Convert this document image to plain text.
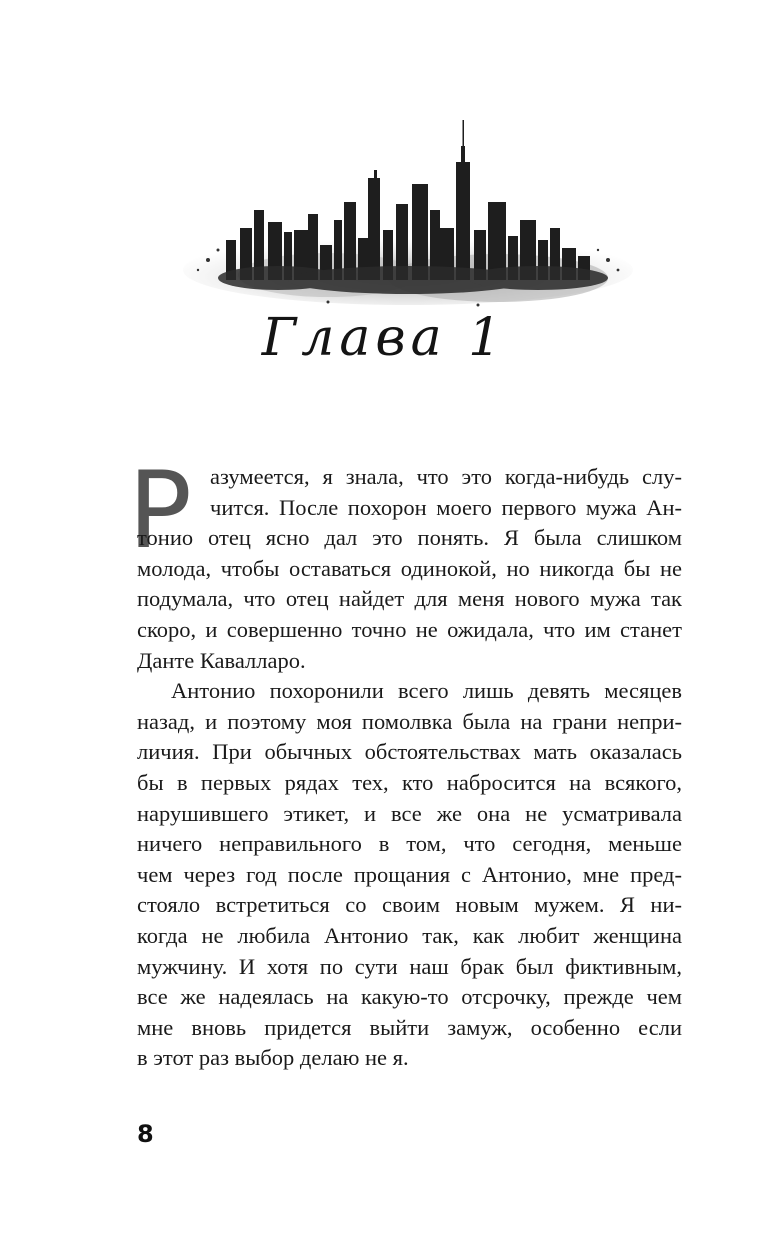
Глава 1
Р азумеется, я знала, что это когда-нибудь слу-
чится. После похорон моего первого мужа Ан-
тонио отец ясно дал это понять. Я была слишком
молода, чтобы оставаться одинокой, но никогда бы не
подумала, что отец найдет для меня нового мужа так
скоро, и совершенно точно не ожидала, что им станет
Данте Кавалларо.
Антонио похоронили всего лишь девять месяцев
назад, и поэтому моя помолвка была на грани непри-
личия. При обычных обстоятельствах мать оказалась
бы в первых рядах тех, кто набросится на всякого,
нарушившего этикет, и все же она не усматривала
ничего неправильного в том, что сегодня, меньше
чем через год после прощания с Антонио, мне пред-
стояло встретиться со своим новым мужем. Я ни-
когда не любила Антонио так, как любит женщина
мужчину. И хотя по сути наш брак был фиктивным,
все же надеялась на какую-то отсрочку, прежде чем
мне вновь придется выйти замуж, особенно если
в этот раз выбор делаю не я.
8
